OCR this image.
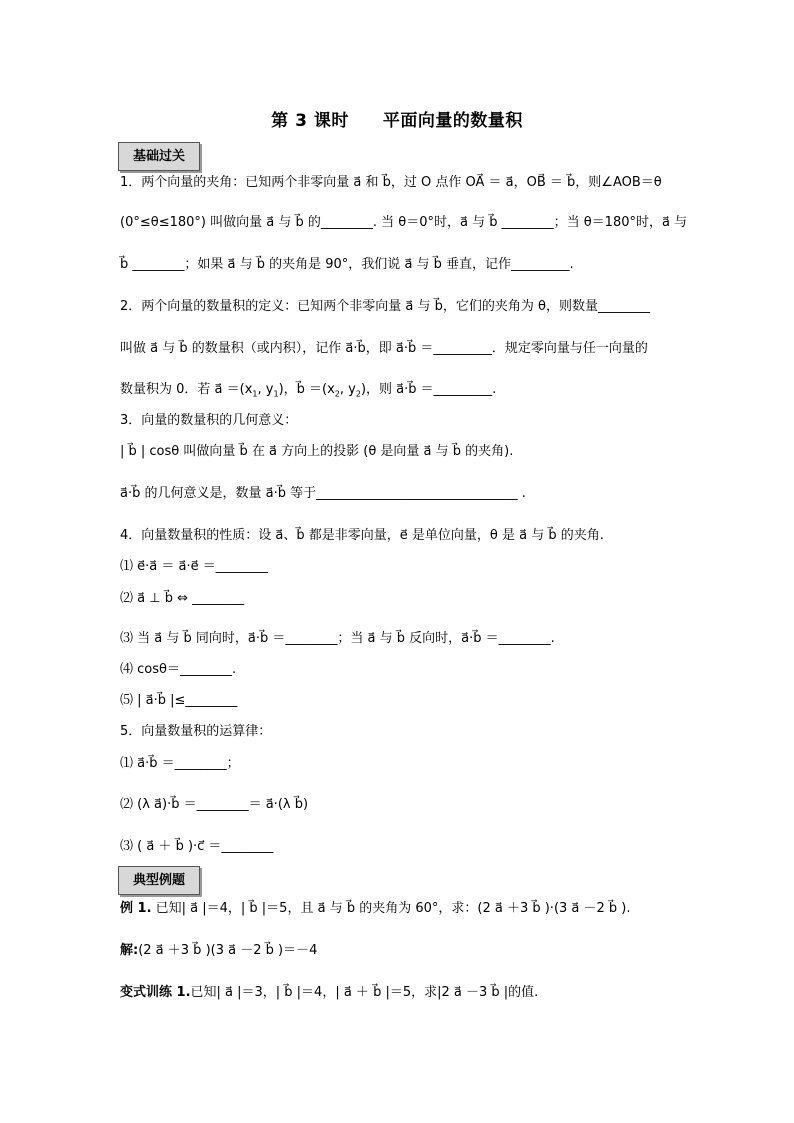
第 3 课时 平面向量的数量积
基础过关
1．两个向量的夹角：已知两个非零向量 a⃗ 和 b⃗，过 O 点作 OA⃗ ＝ a⃗，OB⃗ ＝ b⃗，则∠AOB＝θ
(0°≤θ≤180°) 叫做向量 a⃗ 与 b⃗ 的________. 当 θ＝0°时，a⃗ 与 b⃗ ________；当 θ＝180°时，a⃗ 与
b⃗ ________；如果 a⃗ 与 b⃗ 的夹角是 90°，我们说 a⃗ 与 b⃗ 垂直，记作_________.
2．两个向量的数量积的定义：已知两个非零向量 a⃗ 与 b⃗，它们的夹角为 θ，则数量________
叫做 a⃗ 与 b⃗ 的数量积（或内积），记作 a⃗·b⃗，即 a⃗·b⃗ ＝_________．规定零向量与任一向量的
数量积为 0．若 a⃗ $=(x_1$, $y_1$)，b⃗ $=(x_2$, $y_2$)，则 a⃗·b⃗ ＝_________.
3．向量的数量积的几何意义：
| b⃗ | cosθ 叫做向量 b⃗ 在 a⃗ 方向上的投影 (θ 是向量 a⃗ 与 b⃗ 的夹角).
a⃗·b⃗ 的几何意义是，数量 a⃗·b⃗ 等于_______________________________ .
4．向量数量积的性质：设 a⃗、b⃗ 都是非零向量，e⃗ 是单位向量，θ 是 a⃗ 与 b⃗ 的夹角.
⑴ e⃗·a⃗ ＝ a⃗·e⃗ ＝________
⑵ a⃗ ⊥ b⃗ ⇔ ________
⑶ 当 a⃗ 与 b⃗ 同向时，a⃗·b⃗ ＝________；当 a⃗ 与 b⃗ 反向时，a⃗·b⃗ ＝________.
⑷ cosθ＝________.
⑸ | a⃗·b⃗ |≤________
5．向量数量积的运算律：
⑴ a⃗·b⃗ ＝________；
⑵ (λ a⃗)·b⃗ ＝________＝ a⃗·(λ b⃗)
⑶ ( a⃗ ＋ b⃗ )·c⃗ ＝________
典型例题
例 1. 已知| a⃗ |＝4，| b⃗ |＝5，且 a⃗ 与 b⃗ 的夹角为 60°，求：(2 a⃗ ＋3 b⃗ )·(3 a⃗ －2 b⃗ ).
解:(2 a⃗ ＋3 b⃗ )(3 a⃗ －2 b⃗ )＝－4
变式训练 1.已知| a⃗ |＝3，| b⃗ |＝4，| a⃗ ＋ b⃗ |＝5，求|2 a⃗ －3 b⃗ |的值.
